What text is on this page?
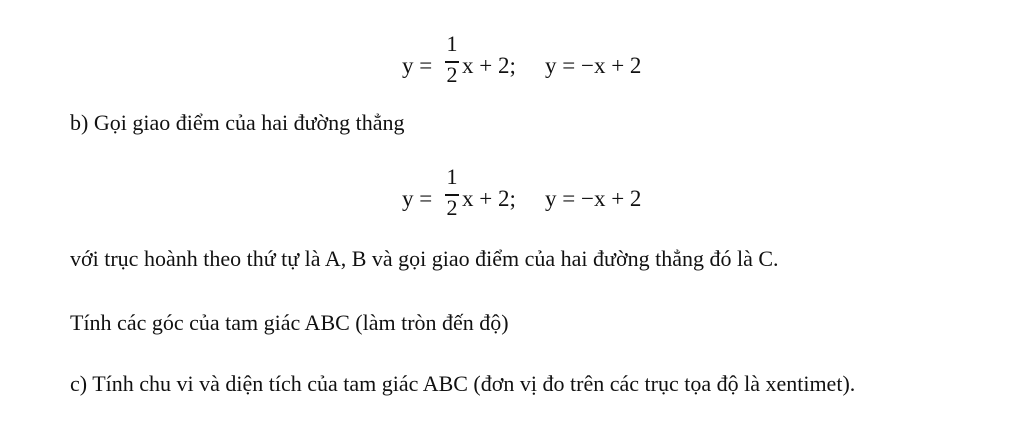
y =
1
2 x + 2; y = −x + 2
b) Gọi giao điểm của hai đường thẳng
y =
1
2 x + 2; y = −x + 2
với trục hoành theo thứ tự là A, B và gọi giao điểm của hai đường thẳng đó là C.
Tính các góc của tam giác ABC (làm tròn đến độ)
c) Tính chu vi và diện tích của tam giác ABC (đơn vị đo trên các trục tọa độ là xentimet).
